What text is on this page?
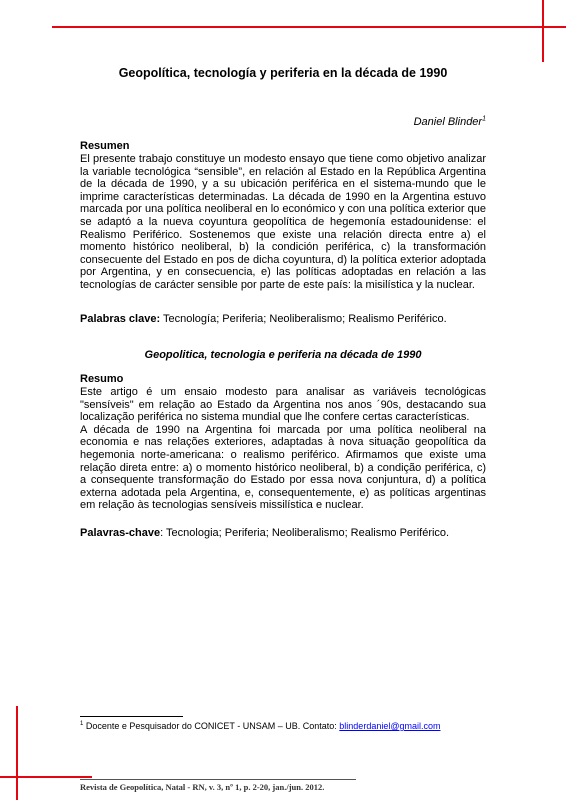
Geopolítica, tecnología y periferia en la década de 1990
Daniel Blinder$^1$

Resumen

El presente trabajo constituye un modesto ensayo que tiene como objetivo analizar la variable tecnológica “sensible”, en relación al Estado en la República Argentina de la década de 1990, y a su ubicación periférica en el sistema-mundo que le imprime características determinadas. La década de 1990 en la Argentina estuvo marcada por una política neoliberal en lo económico y con una política exterior que se adaptó a la nueva coyuntura geopolítica de hegemonía estadounidense: el Realismo Periférico. Sostenemos que existe una relación directa entre a) el momento histórico neoliberal, b) la condición periférica, c) la transformación consecuente del Estado en pos de dicha coyuntura, d) la política exterior adoptada por Argentina, y en consecuencia, e) las políticas adoptadas en relación a las tecnologías de carácter sensible por parte de este país: la misilística y la nuclear.

Palabras clave: Tecnología; Periferia; Neoliberalismo; Realismo Periférico.

Geopolitica, tecnologia e periferia na década de 1990

Resumo

Este artigo é um ensaio modesto para analisar as variáveis tecnológicas "sensíveis" em relação ao Estado da Argentina nos anos ´90s, destacando sua localização periférica no sistema mundial que lhe confere certas características.

A década de 1990 na Argentina foi marcada por uma política neoliberal na economia e nas relações exteriores, adaptadas à nova situação geopolítica da hegemonia norte-americana: o realismo periférico. Afirmamos que existe uma relação direta entre: a) o momento histórico neoliberal, b) a condição periférica, c) a consequente transformação do Estado por essa nova conjuntura, d) a política externa adotada pela Argentina, e, consequentemente, e) as políticas argentinas em relação às tecnologias sensíveis missilística e nuclear.

Palavras-chave: Tecnologia; Periferia; Neoliberalismo; Realismo Periférico.

$^1$ Docente e Pesquisador do CONICET - UNSAM – UB. Contato: blinderdaniel@gmail.com
Revista de Geopolítica, Natal - RN, v. 3, nº 1, p. 2-20, jan./jun. 2012.
